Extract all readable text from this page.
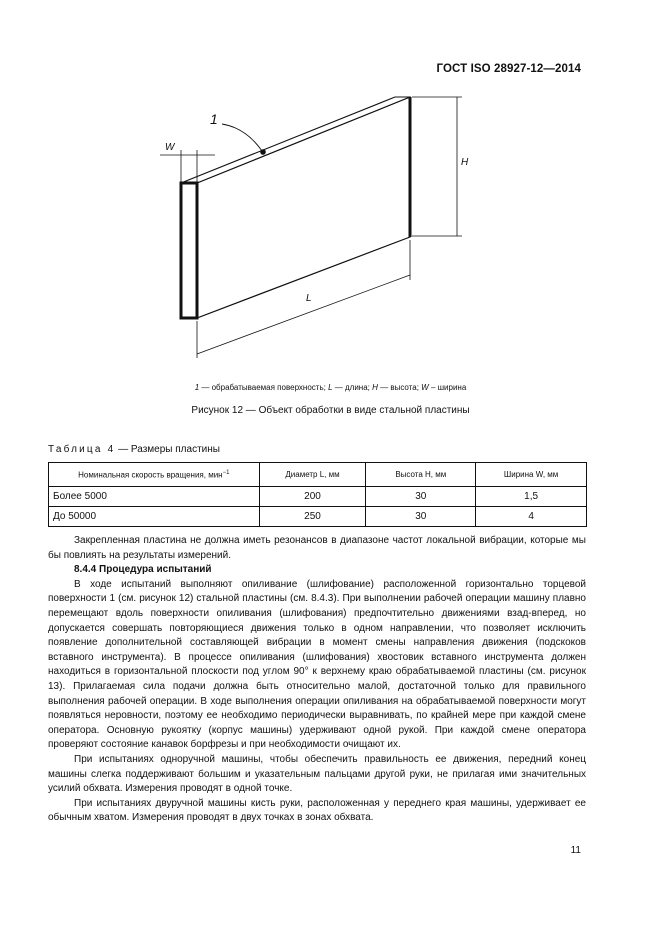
ГОСТ ISO 28927-12—2014
1
W
H
L
1 — обрабатываемая поверхность; L — длина; H — высота; W – ширина
Рисунок 12 — Объект обработки в виде стальной пластины
Таблица 4 — Размеры пластины
Номинальная скорость вращения, мин$^{-1}$	Диаметр L, мм	Высота H, мм	Ширина W, мм
Более 5000	200	30	1,5
До 50000	250	30	4

Закрепленная пластина не должна иметь резонансов в диапазоне частот локальной вибрации, которые мы бы повлиять на результаты измерений.

8.4.4 Процедура испытаний

В ходе испытаний выполняют опиливание (шлифование) расположенной горизонтально торцевой поверхности 1 (см. рисунок 12) стальной пластины (см. 8.4.3). При выполнении рабочей операции машину плавно перемещают вдоль поверхности опиливания (шлифования) предпочтительно движениями взад-вперед, но допускается совершать повторяющиеся движения только в одном направлении, что позволяет исключить появление дополнительной составляющей вибрации в момент смены направления движения (подскоков вставного инструмента). В процессе опиливания (шлифования) хвостовик вставного инструмента должен находиться в горизонтальной плоскости под углом 90° к верхнему краю обрабатываемой пластины (см. рисунок 13). Прилагаемая сила подачи должна быть относительно малой, достаточной только для правильного выполнения рабочей операции. В ходе выполнения операции опиливания на обрабатываемой поверхности могут появляться неровности, поэтому ее необходимо периодически выравнивать, по крайней мере при каждой смене оператора. Основную рукоятку (корпус машины) удерживают одной рукой. При каждой смене оператора проверяют состояние канавок борфрезы и при необходимости очищают их.

При испытаниях одноручной машины, чтобы обеспечить правильность ее движения, передний конец машины слегка поддерживают большим и указательным пальцами другой руки, не прилагая ими значительных усилий обхвата. Измерения проводят в одной точке.

При испытаниях двуручной машины кисть руки, расположенная у переднего края машины, удерживает ее обычным хватом. Измерения проводят в двух точках в зонах обхвата.

11
